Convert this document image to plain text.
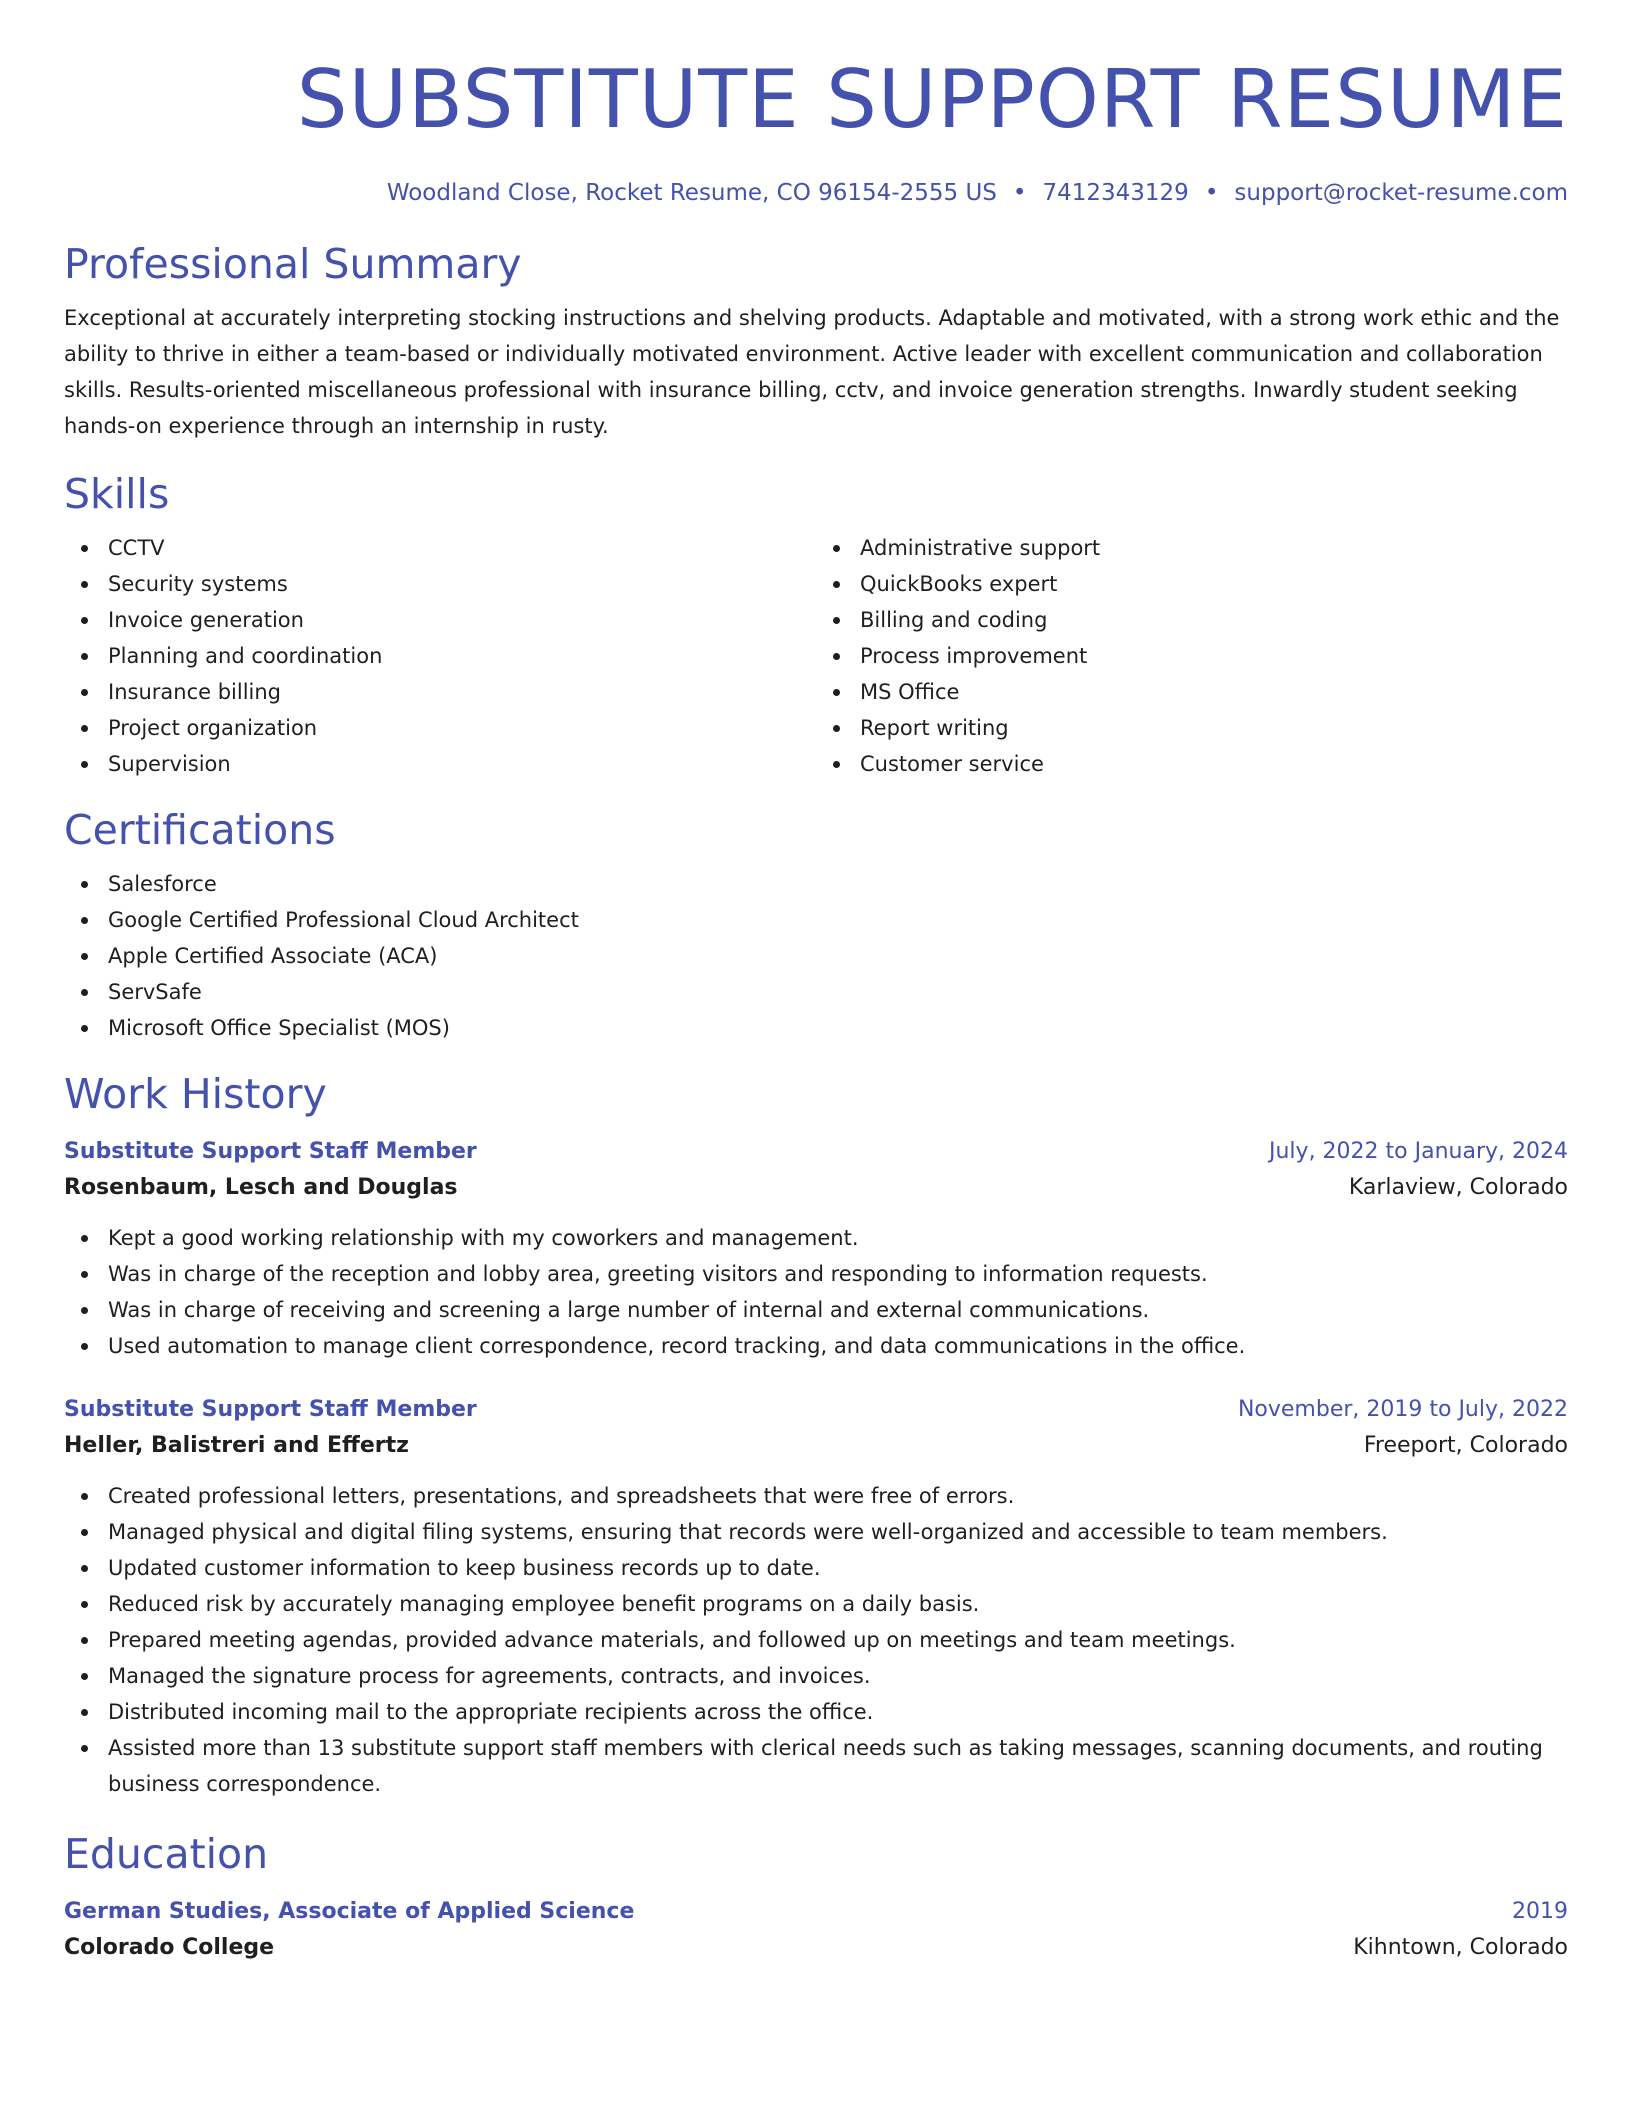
SUBSTITUTE SUPPORT RESUME
Woodland Close, Rocket Resume, CO 96154-2555 US • 7412343129 • support@rocket-resume.com
Professional Summary

Exceptional at accurately interpreting stocking instructions and shelving products. Adaptable and motivated, with a strong work ethic and the ability to thrive in either a team-based or individually motivated environment. Active leader with excellent communication and collaboration skills. Results-oriented miscellaneous professional with insurance billing, cctv, and invoice generation strengths. Inwardly student seeking hands-on experience through an internship in rusty.

Skills
CCTV
Security systems
Invoice generation
Planning and coordination
Insurance billing
Project organization
Supervision
Administrative support
QuickBooks expert
Billing and coding
Process improvement
MS Office
Report writing
Customer service
Certifications
Salesforce
Google Certified Professional Cloud Architect
Apple Certified Associate (ACA)
ServSafe
Microsoft Office Specialist (MOS)
Work History
Substitute Support Staff Member	July, 2022 to January, 2024
Rosenbaum, Lesch and Douglas	Karlaview, Colorado
Kept a good working relationship with my coworkers and management.
Was in charge of the reception and lobby area, greeting visitors and responding to information requests.
Was in charge of receiving and screening a large number of internal and external communications.
Used automation to manage client correspondence, record tracking, and data communications in the office.
Substitute Support Staff Member	November, 2019 to July, 2022
Heller, Balistreri and Effertz	Freeport, Colorado
Created professional letters, presentations, and spreadsheets that were free of errors.
Managed physical and digital filing systems, ensuring that records were well-organized and accessible to team members.
Updated customer information to keep business records up to date.
Reduced risk by accurately managing employee benefit programs on a daily basis.
Prepared meeting agendas, provided advance materials, and followed up on meetings and team meetings.
Managed the signature process for agreements, contracts, and invoices.
Distributed incoming mail to the appropriate recipients across the office.
Assisted more than 13 substitute support staff members with clerical needs such as taking messages, scanning documents, and routing business correspondence.
Education
German Studies, Associate of Applied Science	2019
Colorado College	Kihntown, Colorado
